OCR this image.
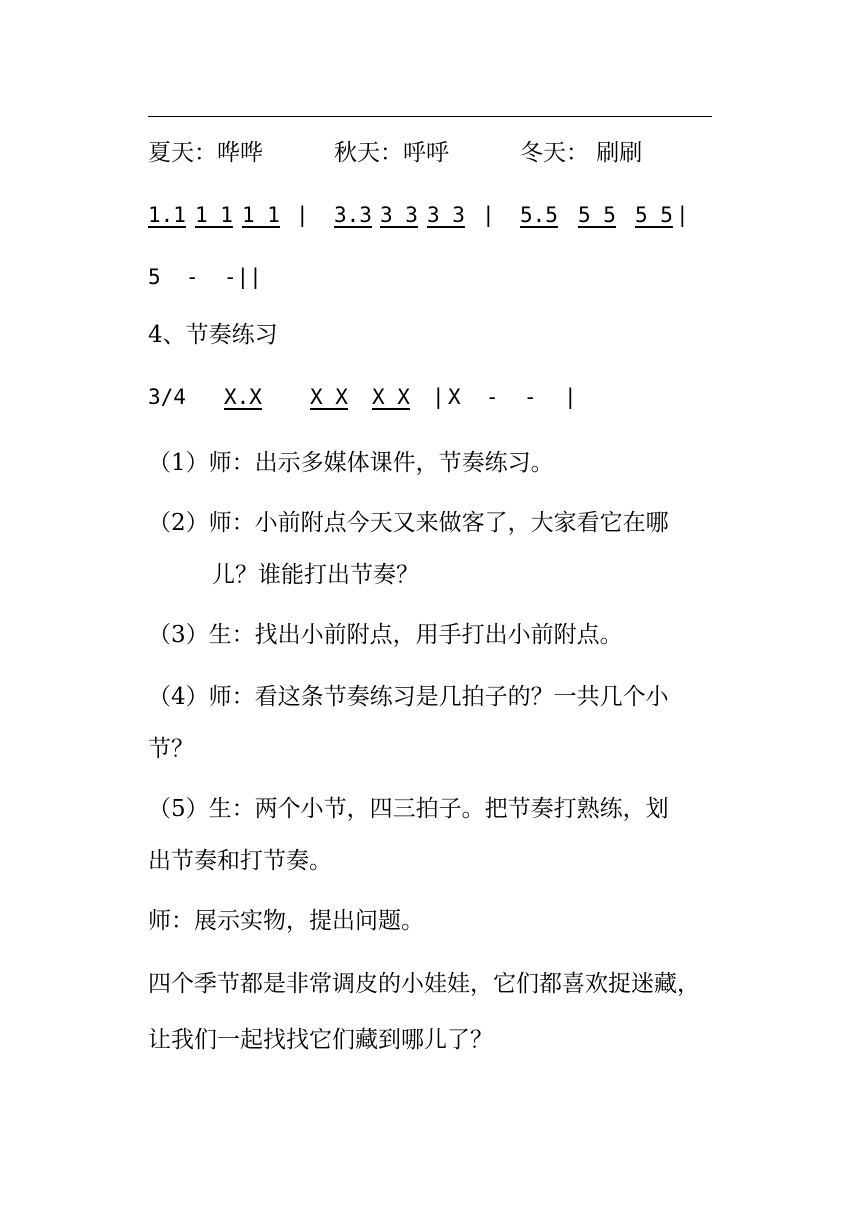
夏天：哗哗	秋天：呼呼	冬天： 刷刷
1.1 1 1 1 1 | 3.3 3 3 3 3 | 5.5 5 5 5 5 |
5  -  -||
4、节奏练习
3/4 X.X X X X X | X  -  - |
（1）师：出示多媒体课件，节奏练习。
（2）师：小前附点今天又来做客了，大家看它在哪
儿？谁能打出节奏？
（3）生：找出小前附点，用手打出小前附点。
（4）师：看这条节奏练习是几拍子的？一共几个小
节？
（5）生：两个小节，四三拍子。把节奏打熟练，划
出节奏和打节奏。
师：展示实物，提出问题。
四个季节都是非常调皮的小娃娃，它们都喜欢捉迷藏，让我们一起找找它们藏到哪儿了？
